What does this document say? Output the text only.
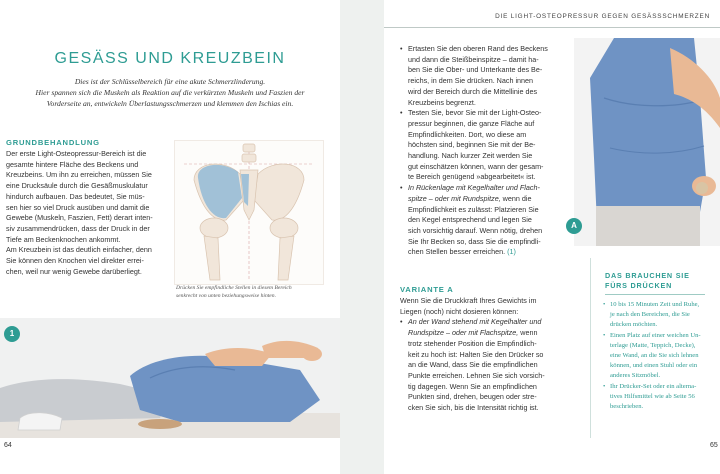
GESÄSS UND KREUZBEIN
Dies ist der Schlüsselbereich für eine akute Schmerzlinderung.
Hier spannen sich die Muskeln als Reaktion auf die verkürzten Muskeln und Faszien der
Vorderseite an, entwickeln Überlastungsschmerzen und klemmen den Ischias ein.
GRUNDBEHANDLUNG
Der erste Light-Osteopressur-Bereich ist die
gesamte hintere Fläche des Beckens und
Kreuzbeins. Um ihn zu erreichen, müssen Sie
eine Drucksäule durch die Gesäßmuskulatur
hindurch aufbauen. Das bedeutet, Sie müs-
sen hier so viel Druck ausüben und damit die
Gewebe (Muskeln, Faszien, Fett) derart inten-
siv zusammendrücken, dass der Druck in der
Tiefe am Beckenknochen ankommt.
Am Kreuzbein ist das deutlich einfacher, denn
Sie können den Knochen viel direkter errei-
chen, weil nur wenig Gewebe darüberliegt.
Drücken Sie empfindliche Stellen in diesem Bereich
senkrecht von unten beziehungsweise hinten.
1
64
DIE LIGHT-OSTEOPRESSUR GEGEN GESÄSSSCHMERZEN
• Ertasten Sie den oberen Rand des Beckens
und dann die Steißbeinspitze – damit ha-
ben Sie die Ober- und Unterkante des Be-
reichs, in dem Sie drücken. Nach innen
wird der Bereich durch die Mittellinie des
Kreuzbeins begrenzt.
• Testen Sie, bevor Sie mit der Light-Osteo-
pressur beginnen, die ganze Fläche auf
Empfindlichkeiten. Dort, wo diese am
höchsten sind, beginnen Sie mit der Be-
handlung. Nach kurzer Zeit werden Sie
gut einschätzen können, wann der gesam-
te Bereich genügend »abgearbeitet« ist.
• In Rückenlage mit Kegelhalter und Flach-
spitze – oder mit Rundspitze, wenn die
Empfindlichkeit es zulässt: Platzieren Sie
den Kegel entsprechend und legen Sie
sich vorsichtig darauf. Wenn nötig, drehen
Sie Ihr Becken so, dass Sie die empfindli-
chen Stellen besser erreichen. (1)
VARIANTE A
Wenn Sie die Druckkraft Ihres Gewichts im
Liegen (noch) nicht dosieren können:
• An der Wand stehend mit Kegelhalter und
Rundspitze – oder mit Flachspitze, wenn
trotz stehender Position die Empfindlich-
keit zu hoch ist: Halten Sie den Drücker so
an die Wand, dass Sie die empfindlichen
Punkte erreichen. Lehnen Sie sich vorsich-
tig dagegen. Wenn Sie an empfindlichen
Punkten sind, drehen, beugen oder stre-
cken Sie sich, bis die Intensität richtig ist.
A
65
DAS BRAUCHEN SIE
FÜRS DRÜCKEN
• 10 bis 15 Minuten Zeit und Ruhe,
je nach den Bereichen, die Sie
drücken möchten.
• Einen Platz auf einer weichen Un-
terlage (Matte, Teppich, Decke),
eine Wand, an die Sie sich lehnen
können, und einen Stuhl oder ein
anderes Sitzmöbel.
• Ihr Drücker-Set oder ein alterna-
tives Hilfsmittel wie ab Seite 56
beschrieben.
